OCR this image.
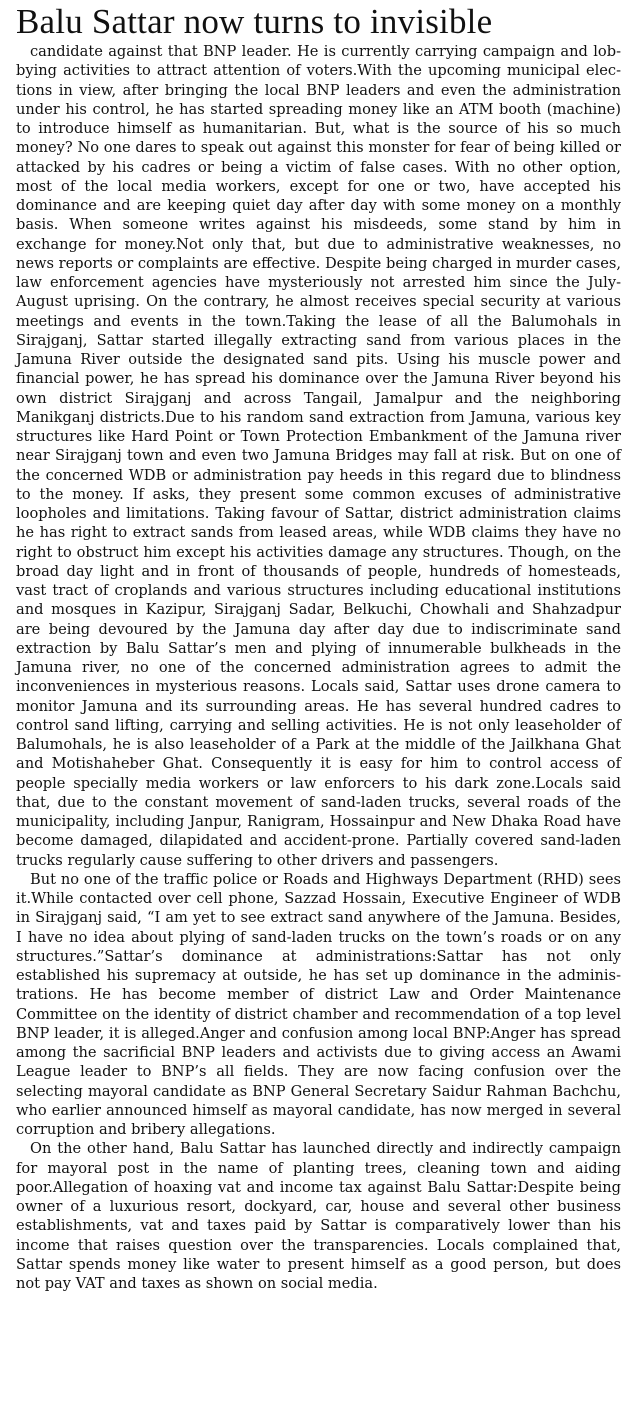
Balu Sattar now turns to invisible

candidate against that BNP leader. He is currently carrying campaign and lobbying activities to attract attention of voters.With the upcoming municipal elections in view, after bringing the local BNP leaders and even the administration under his control, he has started spreading money like an ATM booth (machine) to introduce himself as humanitarian. But, what is the source of his so much money? No one dares to speak out against this monster for fear of being killed or attacked by his cadres or being a victim of false cases. With no other option, most of the local media workers, except for one or two, have accepted his dominance and are keeping quiet day after day with some money on a monthly basis. When someone writes against his misdeeds, some stand by him in exchange for money.Not only that, but due to administrative weaknesses, no news reports or complaints are effective. Despite being charged in murder cases, law enforcement agencies have mysteriously not arrested him since the July-August uprising. On the contrary, he almost receives special security at various meetings and events in the town.Taking the lease of all the Balumohals in Sirajganj, Sattar started illegally extracting sand from various places in the Jamuna River outside the designated sand pits. Using his muscle power and financial power, he has spread his dominance over the Jamuna River beyond his own district Sirajganj and across Tangail, Jamalpur and the neighboring Manikganj districts.Due to his random sand extraction from Jamuna, various key structures like Hard Point or Town Protection Embankment of the Jamuna river near Sirajganj town and even two Jamuna Bridges may fall at risk. But on one of the concerned WDB or administration pay heeds in this regard due to blindness to the money. If asks, they present some common excuses of administrative loopholes and limitations. Taking favour of Sattar, district administration claims he has right to extract sands from leased areas, while WDB claims they have no right to obstruct him except his activities damage any structures. Though, on the broad day light and in front of thousands of people, hundreds of homesteads, vast tract of croplands and various structures including educational institutions and mosques in Kazipur, Sirajganj Sadar, Belkuchi, Chowhali and Shahzadpur are being devoured by the Jamuna day after day due to indiscriminate sand extraction by Balu Sattar’s men and plying of innumerable bulkheads in the Jamuna river, no one of the concerned administration agrees to admit the inconveniences in mysterious reasons. Locals said, Sattar uses drone camera to monitor Jamuna and its surrounding areas. He has several hundred cadres to control sand lifting, carrying and selling activities. He is not only leaseholder of Balumohals, he is also leaseholder of a Park at the middle of the Jailkhana Ghat and Motishaheber Ghat. Consequently it is easy for him to control access of people specially media workers or law enforcers to his dark zone.Locals said that, due to the constant movement of sand-laden trucks, several roads of the municipality, including Janpur, Ranigram, Hossainpur and New Dhaka Road have become damaged, dilapidated and accident-prone. Partially covered sand-laden trucks regularly cause suffering to other drivers and passengers.

But no one of the traffic police or Roads and Highways Department (RHD) sees it.While contacted over cell phone, Sazzad Hossain, Executive Engineer of WDB in Sirajganj said, “I am yet to see extract sand anywhere of the Jamuna. Besides, I have no idea about plying of sand-laden trucks on the town’s roads or on any structures.”Sattar’s dominance at administrations:Sattar has not only established his supremacy at outside, he has set up dominance in the administrations. He has become member of district Law and Order Maintenance Committee on the identity of district chamber and recommendation of a top level BNP leader, it is alleged.Anger and confusion among local BNP:Anger has spread among the sacrificial BNP leaders and activists due to giving access an Awami League leader to BNP’s all fields. They are now facing confusion over the selecting mayoral candidate as BNP General Secretary Saidur Rahman Bachchu, who earlier announced himself as mayoral candidate, has now merged in several corruption and bribery allegations.

On the other hand, Balu Sattar has launched directly and indirectly campaign for mayoral post in the name of planting trees, cleaning town and aiding poor.Allegation of hoaxing vat and income tax against Balu Sattar:Despite being owner of a luxurious resort, dockyard, car, house and several other business establishments, vat and taxes paid by Sattar is comparatively lower than his income that raises question over the transparencies. Locals complained that, Sattar spends money like water to present himself as a good person, but does not pay VAT and taxes as shown on social media.
